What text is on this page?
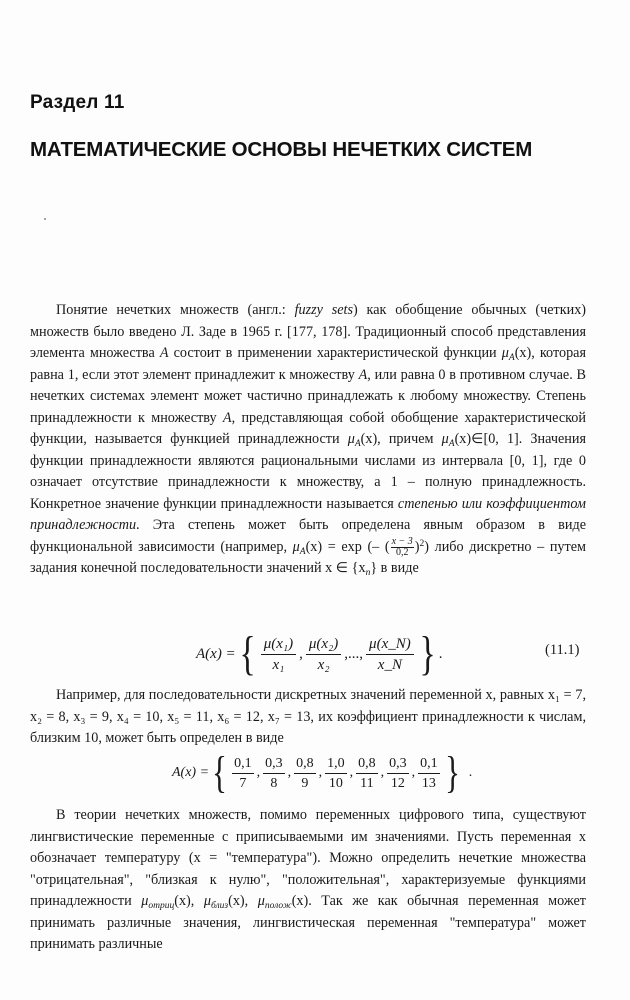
Раздел 11
МАТЕМАТИЧЕСКИЕ ОСНОВЫ НЕЧЕТКИХ СИСТЕМ
Понятие нечетких множеств (англ.: fuzzy sets) как обобщение обычных (четких) множеств было введено Л. Заде в 1965 г. [177, 178]. Традиционный способ представления элемента множества A состоит в применении характеристической функции $\mu_A(x)$, которая равна 1, если этот элемент принадлежит к множеству A, или равна 0 в противном случае. В нечетких системах элемент может частично принадлежать к любому множеству. Степень принадлежности к множеству A, представляющая собой обобщение характеристической функции, называется функцией принадлежности $\mu_A(x)$, причем $\mu_A(x)\in[0$, 1]. Значения функции принадлежности являются рациональными числами из интервала [0, 1], где 0 означает отсутствие принадлежности к множеству, а 1 – полную принадлежность. Конкретное значение функции принадлежности называется степенью или коэффициентом принадлежности. Эта степень может быть определена явным образом в виде функциональной зависимости (например, $\mu_A(x) = \exp$ (– ( $\frac{x - 3}{0,2} )^2$) либо дискретно – путем задания конечной последовательности значений x ∈ $\{x_n\}$ в виде
A(x) = { $\frac{\text{μ(x₁)}}{\text{x₁}}$ , $\frac{\text{μ(x₂)}}{\text{x₂}}$ ,..., $\frac{\mu(x\_N)}{x\_N}$ } .	(11.1)
Например, для последовательности дискретных значений переменной x, равных x₁ = 7, x₂ = 8, x₃ = 9, x₄ = 10, x₅ = 11, x₆ = 12, x₇ = 13, их коэффициент принадлежности к числам, близким 10, может быть определен в виде
A(x) = { $\frac{0,1}{7}$ , $\frac{0,3}{8}$ , $\frac{0,8}{9}$ , $\frac{1,0}{10}$ , $\frac{0,8}{11}$ , $\frac{0,3}{12}$ , $\frac{0,1}{13}$ } .
В теории нечетких множеств, помимо переменных цифрового типа, существуют лингвистические переменные с приписываемыми им значениями. Пусть переменная x обозначает температуру (x = "температура"). Можно определить нечеткие множества "отрицательная", "близкая к нулю", "положительная", характеризуемые функциями принадлежности $\mu_{отриц}(x)$, $\mu_{близ}(x)$, $\mu_{полож}(x)$. Так же как обычная переменная может принимать различные значения, лингвистическая переменная "температура" может принимать различные
